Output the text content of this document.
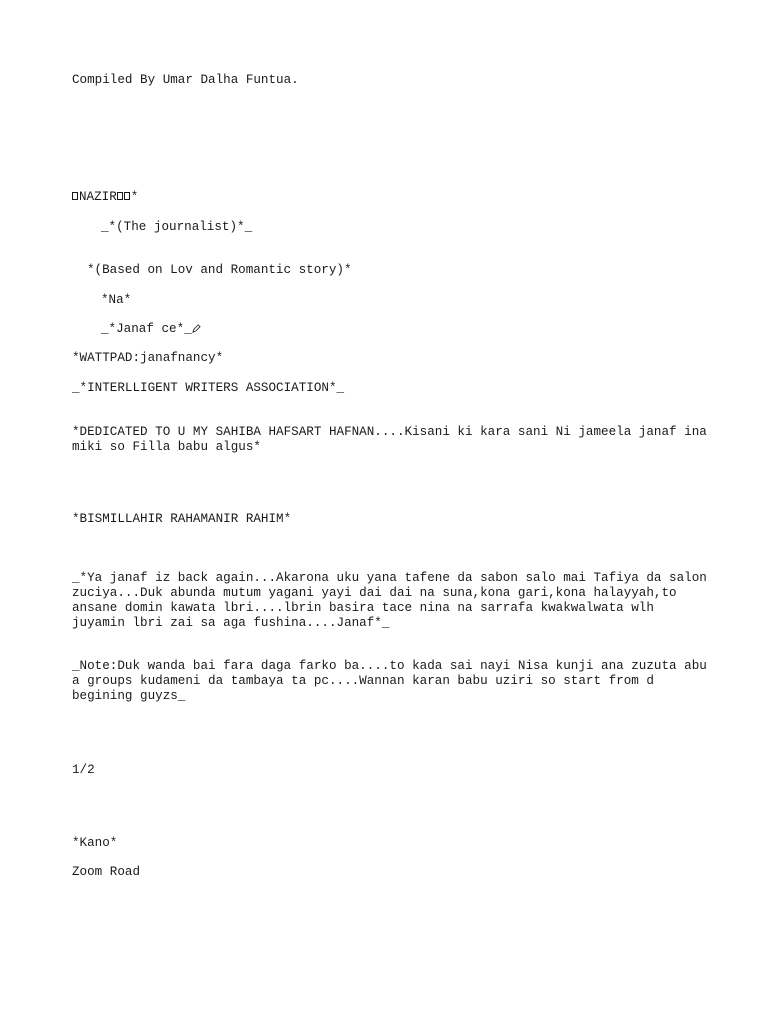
Compiled By Umar Dalha Funtua.

NAZIR *

_*(The journalist)*_

*(Based on Lov and Romantic story)*

*Na*

_*Janaf ce*_

*WATTPAD:janafnancy*

_*INTERLLIGENT WRITERS ASSOCIATION*_

*DEDICATED TO U MY SAHIBA HAFSART HAFNAN....Kisani ki kara sani Ni jameela janaf ina miki so Filla babu algus*

*BISMILLAHIR RAHAMANIR RAHIM*

_*Ya janaf iz back again...Akarona uku yana tafene da sabon salo mai Tafiya da salon zuciya...Duk abunda mutum yagani yayi dai dai na suna,kona gari,kona halayyah,to ansane domin kawata lbri....lbrin basira tace nina na sarrafa kwakwalwata wlh juyamin lbri zai sa aga fushina....Janaf*_

_Note:Duk wanda bai fara daga farko ba....to kada sai nayi Nisa kunji ana zuzuta abu a groups kudameni da tambaya ta pc....Wannan karan babu uziri so start from d begining guyzs_

1/2

*Kano*

Zoom Road
